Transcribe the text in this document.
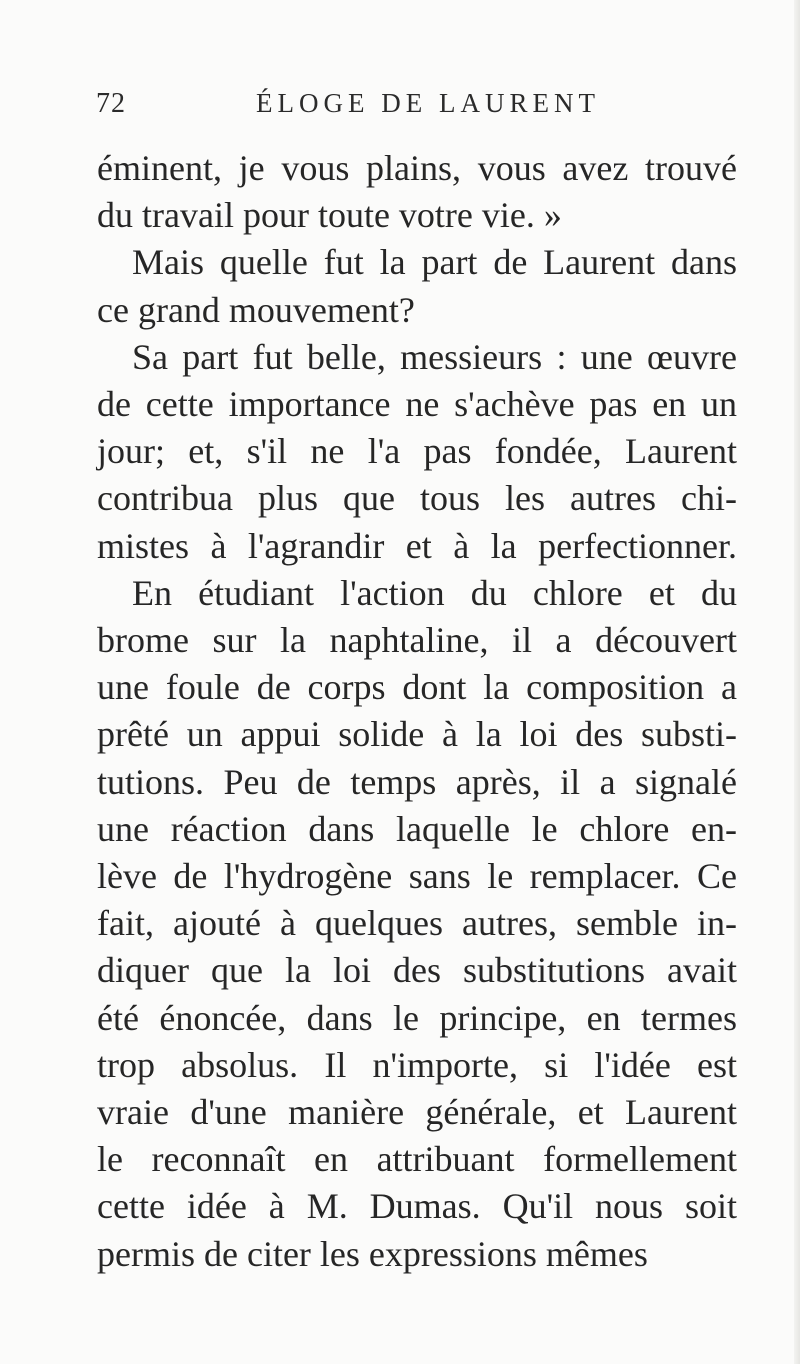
72	ÉLOGE DE LAURENT
éminent, je vous plains, vous avez trouvé
du travail pour toute votre vie. »
Mais quelle fut la part de Laurent dans
ce grand mouvement?
Sa part fut belle, messieurs : une œuvre
de cette importance ne s'achève pas en un
jour; et, s'il ne l'a pas fondée, Laurent
contribua plus que tous les autres chi-
mistes à l'agrandir et à la perfectionner.
En étudiant l'action du chlore et du
brome sur la naphtaline, il a découvert
une foule de corps dont la composition a
prêté un appui solide à la loi des substi-
tutions. Peu de temps après, il a signalé
une réaction dans laquelle le chlore en-
lève de l'hydrogène sans le remplacer. Ce
fait, ajouté à quelques autres, semble in-
diquer que la loi des substitutions avait
été énoncée, dans le principe, en termes
trop absolus. Il n'importe, si l'idée est
vraie d'une manière générale, et Laurent
le reconnaît en attribuant formellement
cette idée à M. Dumas. Qu'il nous soit
permis de citer les expressions mêmes
